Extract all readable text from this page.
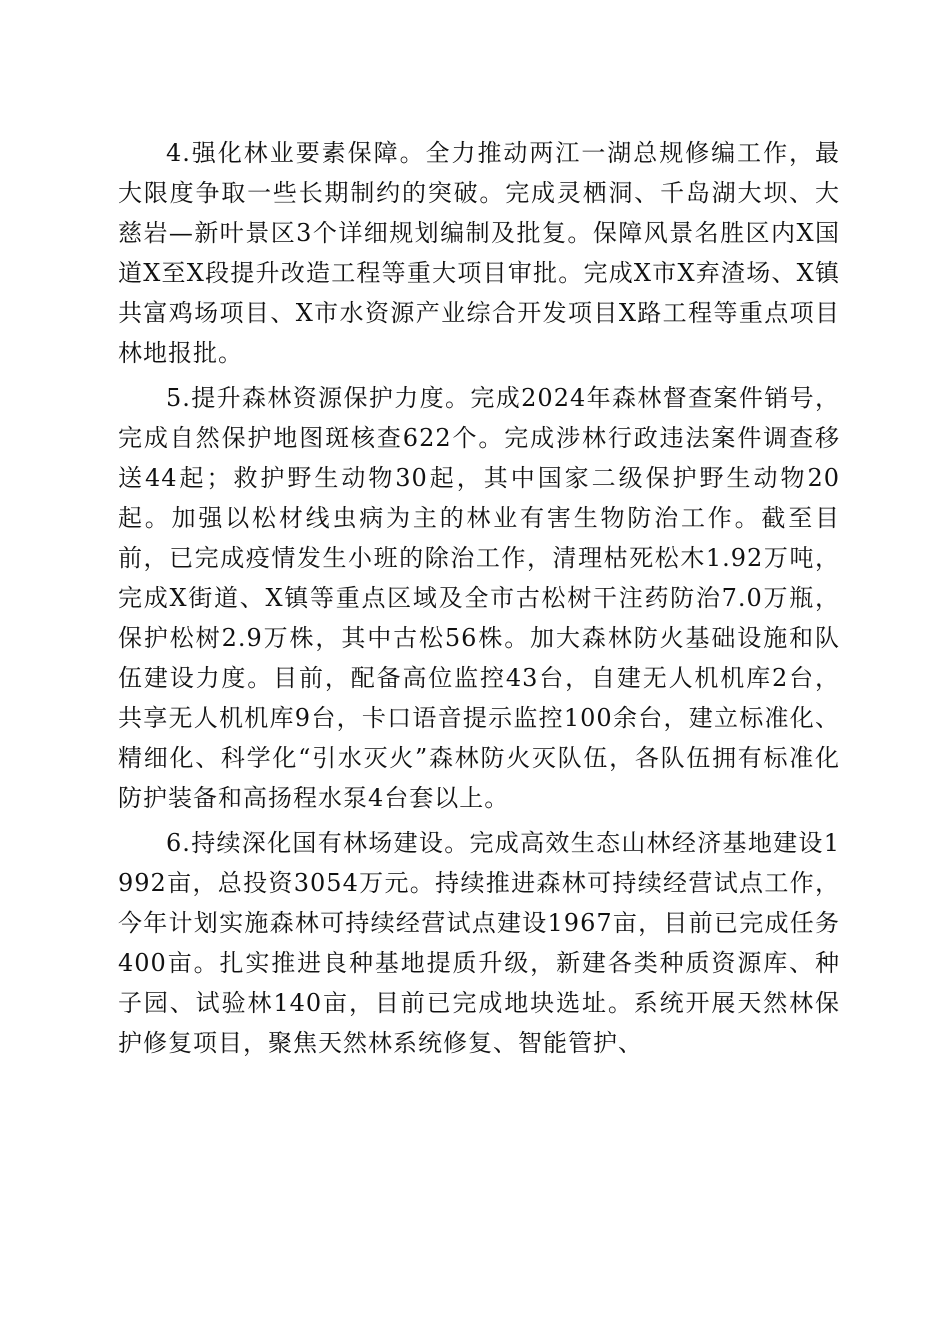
4.强化林业要素保障。全力推动两江一湖总规修编工作，最大限度争取一些长期制约的突破。完成灵栖洞、千岛湖大坝、大慈岩—新叶景区3个详细规划编制及批复。保障风景名胜区内X国道X至X段提升改造工程等重大项目审批。完成X市X弃渣场、X镇共富鸡场项目、X市水资源产业综合开发项目X路工程等重点项目林地报批。

5.提升森林资源保护力度。完成2024年森林督查案件销号，完成自然保护地图斑核查622个。完成涉林行政违法案件调查移送44起；救护野生动物30起，其中国家二级保护野生动物20起。加强以松材线虫病为主的林业有害生物防治工作。截至目前，已完成疫情发生小班的除治工作，清理枯死松木1.92万吨，完成X街道、X镇等重点区域及全市古松树干注药防治7.0万瓶，保护松树2.9万株，其中古松56株。加大森林防火基础设施和队伍建设力度。目前，配备高位监控43台，自建无人机机库2台，共享无人机机库9台，卡口语音提示监控100余台，建立标准化、精细化、科学化“引水灭火”森林防火灭队伍，各队伍拥有标准化防护装备和高扬程水泵4台套以上。

6.持续深化国有林场建设。完成高效生态山林经济基地建设1992亩，总投资3054万元。持续推进森林可持续经营试点工作，今年计划实施森林可持续经营试点建设1967亩，目前已完成任务400亩。扎实推进良种基地提质升级，新建各类种质资源库、种子园、试验林140亩，目前已完成地块选址。系统开展天然林保护修复项目，聚焦天然林系统修复、智能管护、
